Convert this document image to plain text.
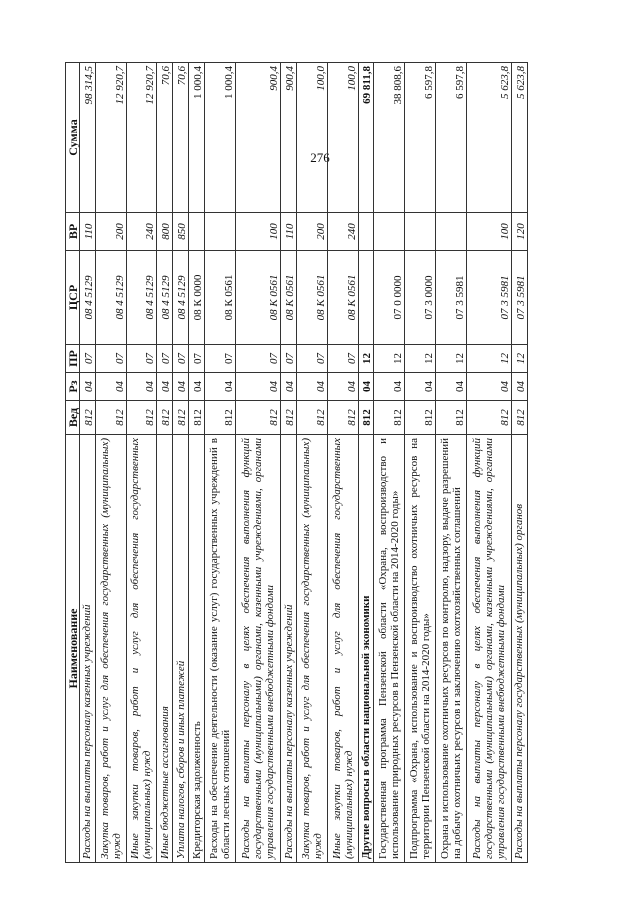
276
Наименование	Вед	Рз	ПР	ЦСР	ВР	Сумма
Расходы на выплаты персоналу казенных учреждений	812	04	07	08 4 5129	110	98 314,5
Закупка товаров, работ и услуг для обеспечения государственных (муниципальных) нужд	812	04	07	08 4 5129	200	12 920,7
Иные закупки товаров, работ и услуг для обеспечения государственных (муниципальных) нужд	812	04	07	08 4 5129	240	12 920,7
Иные бюджетные ассигнования	812	04	07	08 4 5129	800	70,6
Уплата налогов, сборов и иных платежей	812	04	07	08 4 5129	850	70,6
Кредиторская задолженность	812	04	07	08 К 0000		1 000,4
Расходы на обеспечение деятельности (оказание услуг) государственных учреждений в области лесных отношений	812	04	07	08 К 0561		1 000,4
Расходы на выплаты персоналу в целях обеспечения выполнения функций государственными (муниципальными) органами, казенными учреждениями, органами управления государственными внебюджетными фондами	812	04	07	08 К 0561	100	900,4
Расходы на выплаты персоналу казенных учреждений	812	04	07	08 К 0561	110	900,4
Закупка товаров, работ и услуг для обеспечения государственных (муниципальных) нужд	812	04	07	08 К 0561	200	100,0
Иные закупки товаров, работ и услуг для обеспечения государственных (муниципальных) нужд	812	04	07	08 К 0561	240	100,0
Другие вопросы в области национальной экономики	812	04	12			69 811,8
Государственная программа Пензенской области «Охрана, воспроизводство и использование природных ресурсов в Пензенской области на 2014-2020 годы»	812	04	12	07 0 0000		38 808,6
Подпрограмма «Охрана, использование и воспроизводство охотничьих ресурсов на территории Пензенской области на 2014-2020 годы»	812	04	12	07 3 0000		6 597,8
Охрана и использование охотничьих ресурсов по контролю, надзору, выдаче разрешений на добычу охотничьих ресурсов и заключению охотхозяйственных соглашений	812	04	12	07 3 5981		6 597,8
Расходы на выплаты персоналу в целях обеспечения выполнения функций государственными (муниципальными) органами, казенными учреждениями, органами управления государственными внебюджетными фондами	812	04	12	07 3 5981	100	5 623,8
Расходы на выплаты персоналу государственных (муниципальных) органов	812	04	12	07 3 5981	120	5 623,8
